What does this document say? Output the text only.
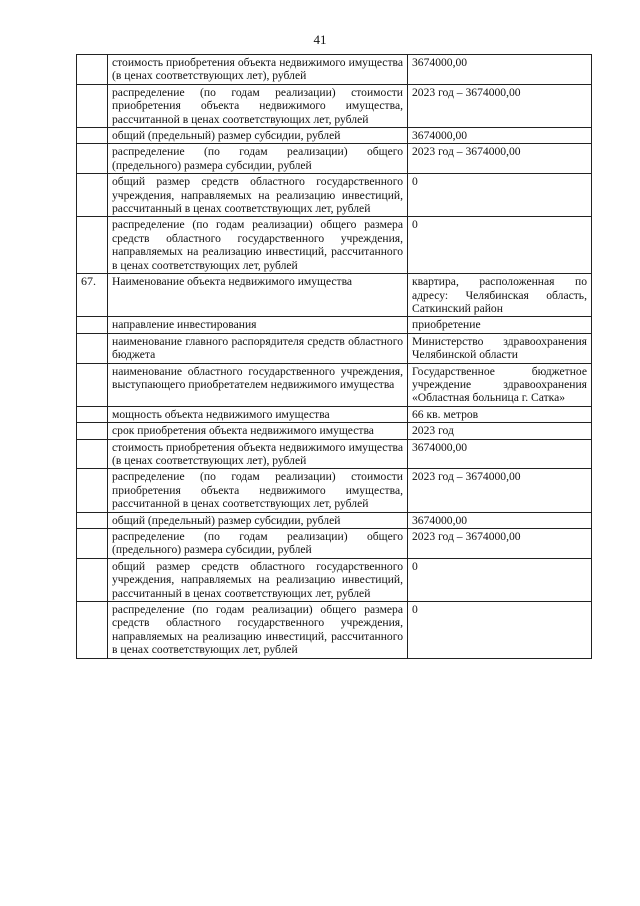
41
	стоимость приобретения объекта недвижимого имущества (в ценах соответствующих лет), рублей	3674000,00
	распределение (по годам реализации) стоимости приобретения объекта недвижимого имущества, рассчитанной в ценах соответствующих лет, рублей	2023 год – 3674000,00
	общий (предельный) размер субсидии, рублей	3674000,00
	распределение (по годам реализации) общего (предельного) размера субсидии, рублей	2023 год – 3674000,00
	общий размер средств областного государственного учреждения, направляемых на реализацию инвестиций, рассчитанный в ценах соответствующих лет, рублей	0
	распределение (по годам реализации) общего размера средств областного государственного учреждения, направляемых на реализацию инвестиций, рассчитанного в ценах соответствующих лет, рублей	0
67.	Наименование объекта недвижимого имущества	квартира, расположенная по адресу: Челябинская область, Саткинский район
	направление инвестирования	приобретение
	наименование главного распорядителя средств областного бюджета	Министерство здравоохранения Челябинской области
	наименование областного государственного учреждения, выступающего приобретателем недвижимого имущества	Государственное бюджетное учреждение здравоохранения «Областная больница г. Сатка»
	мощность объекта недвижимого имущества	66 кв. метров
	срок приобретения объекта недвижимого имущества	2023 год
	стоимость приобретения объекта недвижимого имущества (в ценах соответствующих лет), рублей	3674000,00
	распределение (по годам реализации) стоимости приобретения объекта недвижимого имущества, рассчитанной в ценах соответствующих лет, рублей	2023 год – 3674000,00
	общий (предельный) размер субсидии, рублей	3674000,00
	распределение (по годам реализации) общего (предельного) размера субсидии, рублей	2023 год – 3674000,00
	общий размер средств областного государственного учреждения, направляемых на реализацию инвестиций, рассчитанный в ценах соответствующих лет, рублей	0
	распределение (по годам реализации) общего размера средств областного государственного учреждения, направляемых на реализацию инвестиций, рассчитанного в ценах соответствующих лет, рублей	0
